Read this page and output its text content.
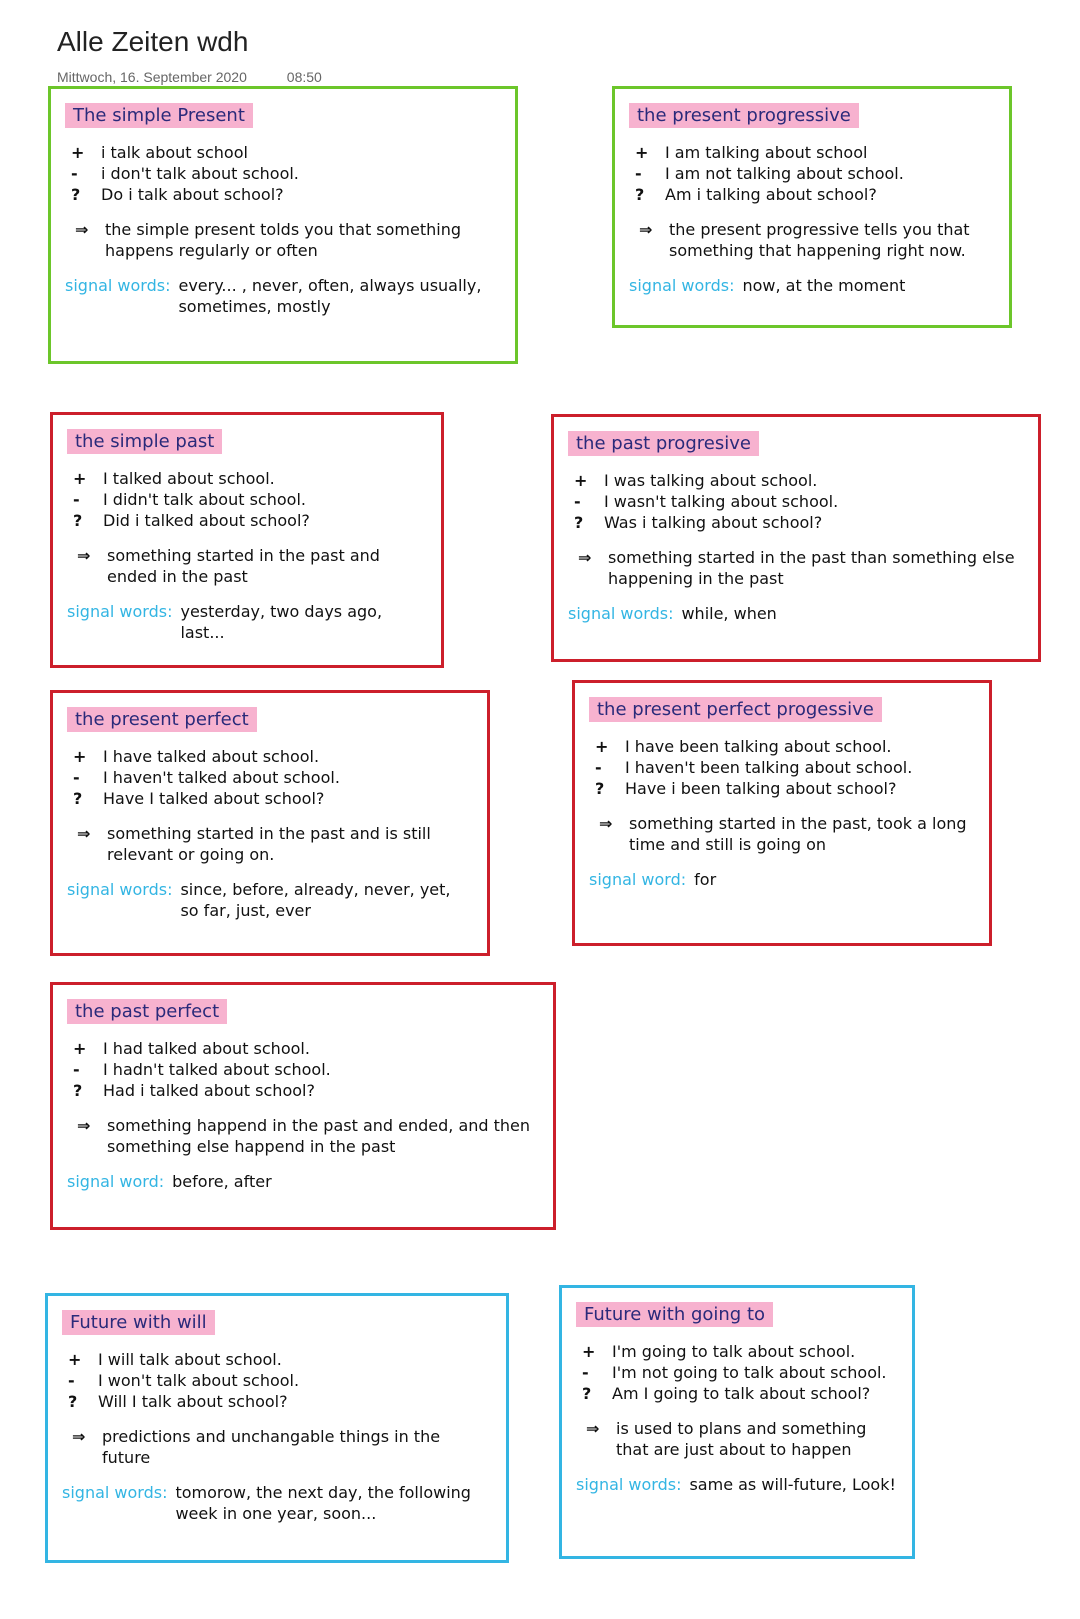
Alle Zeiten wdh
Mittwoch, 16. September 2020	08:50
The simple Present
+	i talk about school
-	i don't talk about school.
?	Do i talk about school?
⇒	the simple present tolds you that something happens regularly or often
signal words: every... , never, often, always usually, sometimes, mostly
the present progressive
+	I am talking about school
-	I am not talking about school.
?	Am i talking about school?
⇒	the present progressive tells you that something that happening right now.
signal words: now, at the moment
the simple past
+	I talked about school.
-	I didn't talk about school.
?	Did i talked about school?
⇒	something started in the past and ended in the past
signal words: yesterday, two days ago, last...
the past progresive
+	I was talking about school.
-	I wasn't talking about school.
?	Was i talking about school?
⇒	something started in the past than something else happening in the past
signal words: while, when
the present perfect
+	I have talked about school.
-	I haven't talked about school.
?	Have I talked about school?
⇒	something started in the past and is still relevant or going on.
signal words: since, before, already, never, yet, so far, just, ever
the present perfect progessive
+	I have been talking about school.
-	I haven't been talking about school.
?	Have i been talking about school?
⇒	something started in the past, took a long time and still is going on
signal word: for
the past perfect
+	I had talked about school.
-	I hadn't talked about school.
?	Had i talked about school?
⇒	something happend in the past and ended, and then something else happend in the past
signal word: before, after
Future with will
+	I will talk about school.
-	I won't talk about school.
?	Will I talk about school?
⇒	predictions and unchangable things in the future
signal words: tomorow, the next day, the following week in one year, soon...
Future with going to
+	I'm going to talk about school.
-	I'm not going to talk about school.
?	Am I going to talk about school?
⇒	is used to plans and something that are just about to happen
signal words: same as will-future, Look!
